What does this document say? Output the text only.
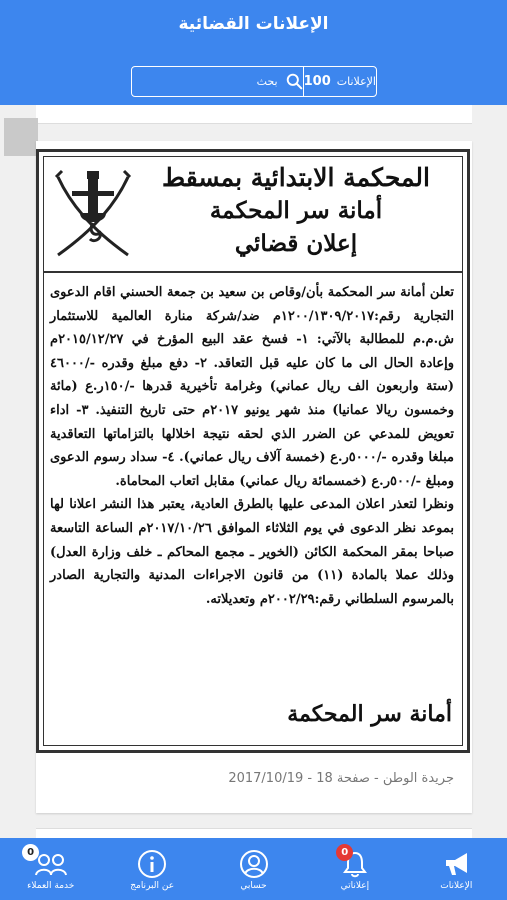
الإعلانات القضائية
الإعلانات
100
بحث
المحكمة الابتدائية بمسقط
أمانة سر المحكمة
إعلان قضائي
تعلن أمانة سر المحكمة بأن/وقاص بن سعيد بن جمعة الحسني اقام الدعوى التجارية رقم:١٢٠٠/١٣٠٩/٢٠١٧م ضد/شركة منارة العالمية للاستثمار ش.م.م للمطالبة بالآتي: ١- فسخ عقد البيع المؤرخ في ٢٠١٥/١٢/٢٧م وإعادة الحال الى ما كان عليه قبل التعاقد. ٢- دفع مبلغ وقدره -/٤٦٠٠٠ (ستة واربعون الف ريال عماني) وغرامة تأخيرية قدرها -/١٥٠ر.ع (مائة وخمسون ريالا عمانيا) منذ شهر يونيو ٢٠١٧م حتى تاريخ التنفيذ. ٣- اداء تعويض للمدعي عن الضرر الذي لحقه نتيجة اخلالها بالتزاماتها التعاقدية مبلغا وقدره -/٥٠٠٠ر.ع (خمسة آلاف ريال عماني). ٤- سداد رسوم الدعوى ومبلغ -/٥٠٠ر.ع (خمسمائة ريال عماني) مقابل اتعاب المحاماة.
ونظرا لتعذر اعلان المدعى عليها بالطرق العادية، يعتبر هذا النشر اعلانا لها بموعد نظر الدعوى في يوم الثلاثاء الموافق ٢٠١٧/١٠/٢٦م الساعة التاسعة صباحا بمقر المحكمة الكائن (الخوير ـ مجمع المحاكم ـ خلف وزارة العدل) وذلك عملا بالمادة (١١) من قانون الاجراءات المدنية والتجارية الصادر بالمرسوم السلطاني رقم:٢٠٠٢/٢٩م وتعديلاته.
أمانة سر المحكمة
جريدة الوطن - صفحة 18 - 2017/10/19
الإعلانات
0
إعلاناتي
حسابي
عن البرنامج
0
خدمة العملاء
